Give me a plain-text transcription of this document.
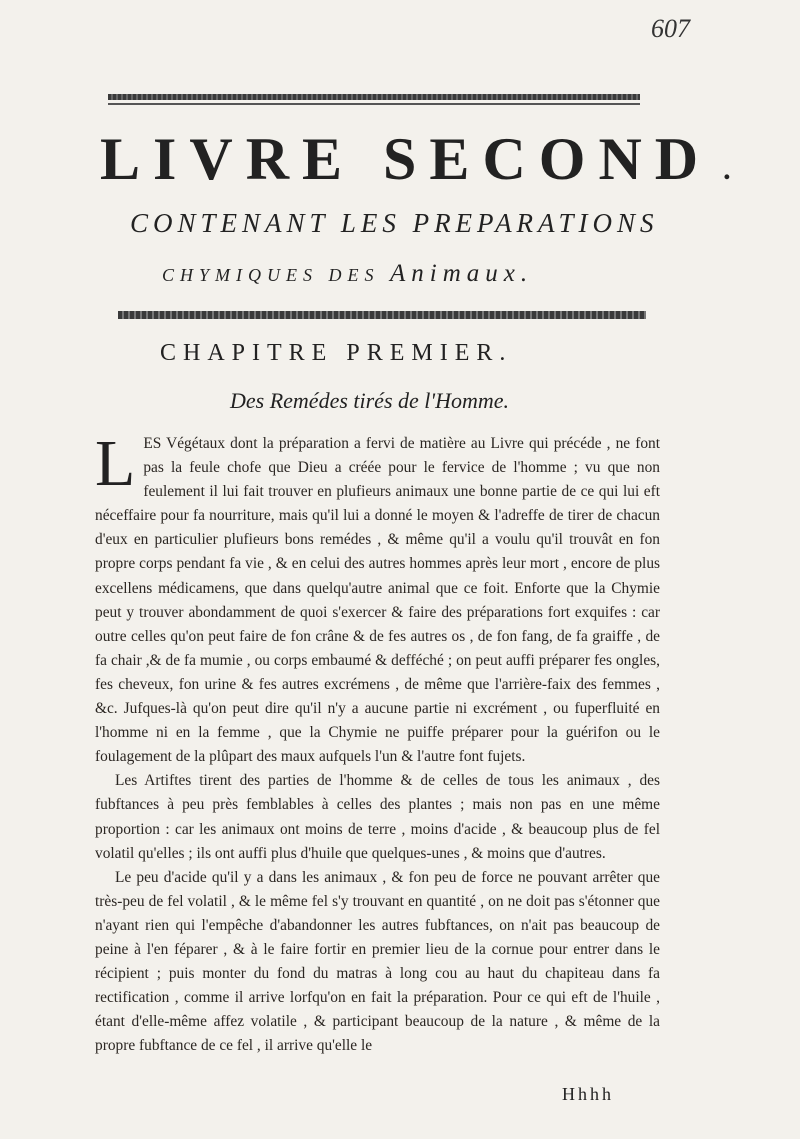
607
LIVRE SECOND .
CONTENANT LES PREPARATIONS
CHYMIQUES DES Animaux.
CHAPITRE PREMIER.
Des Remédes tirés de l'Homme.

LES Végétaux dont la préparation a fervi de matière au Livre qui précéde , ne font pas la feule chofe que Dieu a créée pour le fervice de l'homme ; vu que non feulement il lui fait trouver en plufieurs animaux une bonne partie de ce qui lui eft néceffaire pour fa nourriture, mais qu'il lui a donné le moyen & l'adreffe de tirer de chacun d'eux en particulier plufieurs bons remédes , & même qu'il a voulu qu'il trouvât en fon propre corps pendant fa vie , & en celui des autres hommes après leur mort , encore de plus excellens médicamens, que dans quelqu'autre animal que ce foit. Enforte que la Chymie peut y trouver abondamment de quoi s'exercer & faire des préparations fort exquifes : car outre celles qu'on peut faire de fon crâne & de fes autres os , de fon fang, de fa graiffe , de fa chair ,& de fa mumie , ou corps embaumé & defféché ; on peut auffi préparer fes ongles, fes cheveux, fon urine & fes autres excrémens , de même que l'arrière-faix des femmes , &c. Jufques-là qu'on peut dire qu'il n'y a aucune partie ni excrément , ou fuperfluité en l'homme ni en la femme , que la Chymie ne puiffe préparer pour la guérifon ou le foulagement de la plûpart des maux aufquels l'un & l'autre font fujets.

Les Artiftes tirent des parties de l'homme & de celles de tous les animaux , des fubftances à peu près femblables à celles des plantes ; mais non pas en une même proportion : car les animaux ont moins de terre , moins d'acide , & beaucoup plus de fel volatil qu'elles ; ils ont auffi plus d'huile que quelques-unes , & moins que d'autres.

Le peu d'acide qu'il y a dans les animaux , & fon peu de force ne pouvant arrêter que très-peu de fel volatil , & le même fel s'y trouvant en quantité , on ne doit pas s'étonner que n'ayant rien qui l'empêche d'abandonner les autres fubftances, on n'ait pas beaucoup de peine à l'en féparer , & à le faire fortir en premier lieu de la cornue pour entrer dans le récipient ; puis monter du fond du matras à long cou au haut du chapiteau dans fa rectification , comme il arrive lorfqu'on en fait la préparation. Pour ce qui eft de l'huile , étant d'elle-même affez volatile , & participant beaucoup de la nature , & même de la propre fubftance de ce fel , il arrive qu'elle le

Hhhh
